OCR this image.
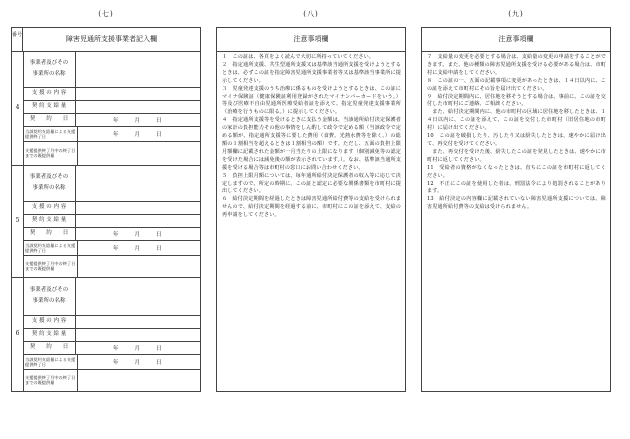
(七)	(八)	(九)
番号	障害児通所支援事業者記入欄
4
事業者及びその
事業所の名称
支 援 の 内 容
契 約 支 給 量
契　　約　　日	年	月	日
当該契約支給量による支援提供終了日	年	月	日
支援提供終了月中の終了日までの既提供量
5
事業者及びその
事業所の名称
支 援 の 内 容
契 約 支 給 量
契　　約　　日	年	月	日
当該契約支給量による支援提供終了日	年	月	日
支援提供終了月中の終了日までの既提供量
6
事業者及びその
事業所の名称
支 援 の 内 容
契 約 支 給 量
契　　約　　日	年	月	日
当該契約支給量による支援提供終了日	年	月	日
支援提供終了月中の終了日までの既提供量
注意事項欄

１　この証は、各頁をよく読んで大切に所持っていてください。

２　指定通所支援、共生型通所支援又は基準該当通所支援を受けようとするときは、必ずこの証を指定障害児通所支援事業者等又は基準該当事業所に提示してください。

３　児童発達支援のうち治療に係るものを受けようとするときは、この証にマイナ保険証（健康保険証利用登録がされたマイナンバーカードをいう。）等及び医療不自由児通所医療受給者証を添えて、指定児童発達支援事業所（治療を行うものに限る。）に提示してください。

４　指定通所支援等を受けるときに支払う金額は、当該通所給付決定保護者の家計の負担能力その他の事情をしん酌して政令で定める額（当該政令で定める額が、指定通所支援等に要した費用（食費、光熱水費等を除く。）の総額の１割相当を超えるときは１割相当の額）です。ただし、五面の負担上限月額欄に記載された金額が一月当たりの上限になります（個別減免等の認定を受けた場合には減免後の額が表示されています。）。なお、基準該当通所支援を受ける場合等は市町村の窓口にお問い合わせください。

５　負担上限月額については、毎年通所給付決定保護者の収入等に応じて決定しますので、所定の時期に、この証と認定に必要な関係書類を市町村に提出してください。

６　給付決定期間を経過したときは障害児通所給付費等の支給を受けられませんので、給付決定期間を経過する前に、市町村にこの証を添えて、支給の再申請をしてください。

注意事項欄

７　支給量の変更を必要とする場合は、支給量の変更の申請をすることができます。また、他の種類の障害児通所支援を受ける必要がある場合は、市町村に支給申請をしてください。

８　この証の一、五面の記載事項に変更があったときは、１４日以内に、この証を添えて市町村にその旨を届け出てください。

９　給付決定期間内に、居住地を移そうとする場合は、事前に、この証を交付した市町村にご連絡、ご相談ください。

　また、給付決定期間内に、他の市町村の区域に居住地を移したときは、１４日以内に、この証を添えて、この証を交付した市町村（旧居住地の市町村）に届け出てください。

10　この証を破損したり、汚したり又は紛失したときは、速やかに届け出て、再交付を受けてください。

　また、再交付を受けた後、紛失したこの証を発見したときは、速やかに市町村に返してください。

11　受給者の資格がなくなったときは、直ちにこの証を市町村に返してください。

12　不正にこの証を使用した者は、刑罰法令により処罰されることがあります。

13　給付決定の内容欄に記載されていない障害児通所支援については、障害児通所給付費等の支給は受けられません。
